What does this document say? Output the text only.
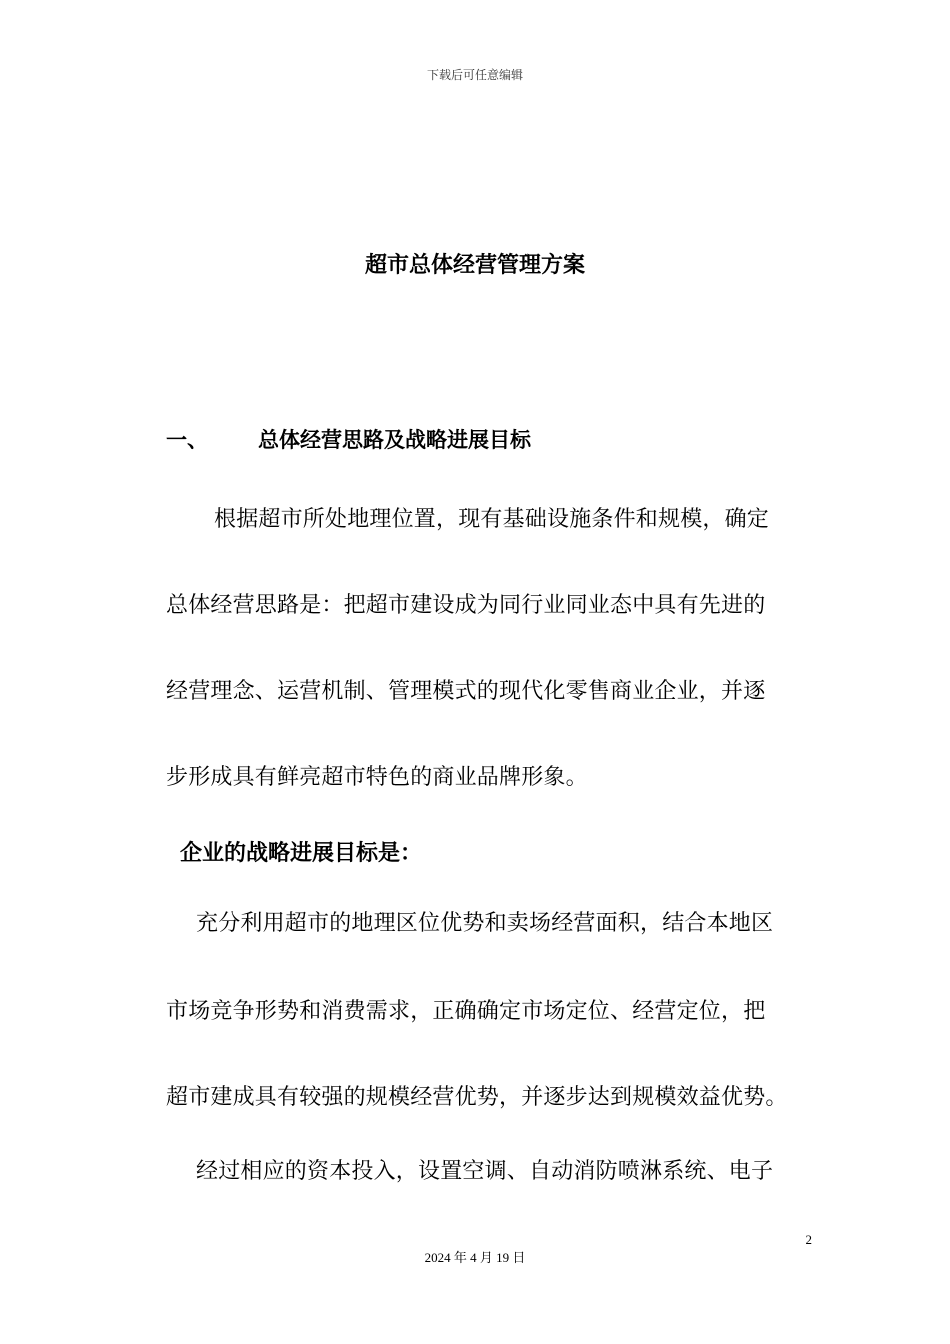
下载后可任意编辑
超市总体经营管理方案
一、 总体经营思路及战略进展目标
根据超市所处地理位置，现有基础设施条件和规模，确定
总体经营思路是：把超市建设成为同行业同业态中具有先进的
经营理念、运营机制、管理模式的现代化零售商业企业，并逐
步形成具有鲜亮超市特色的商业品牌形象。
企业的战略进展目标是：
充分利用超市的地理区位优势和卖场经营面积，结合本地区
市场竞争形势和消费需求，正确确定市场定位、经营定位，把
超市建成具有较强的规模经营优势，并逐步达到规模效益优势。
经过相应的资本投入，设置空调、自动消防喷淋系统、电子
2
2024 年 4 月 19 日
